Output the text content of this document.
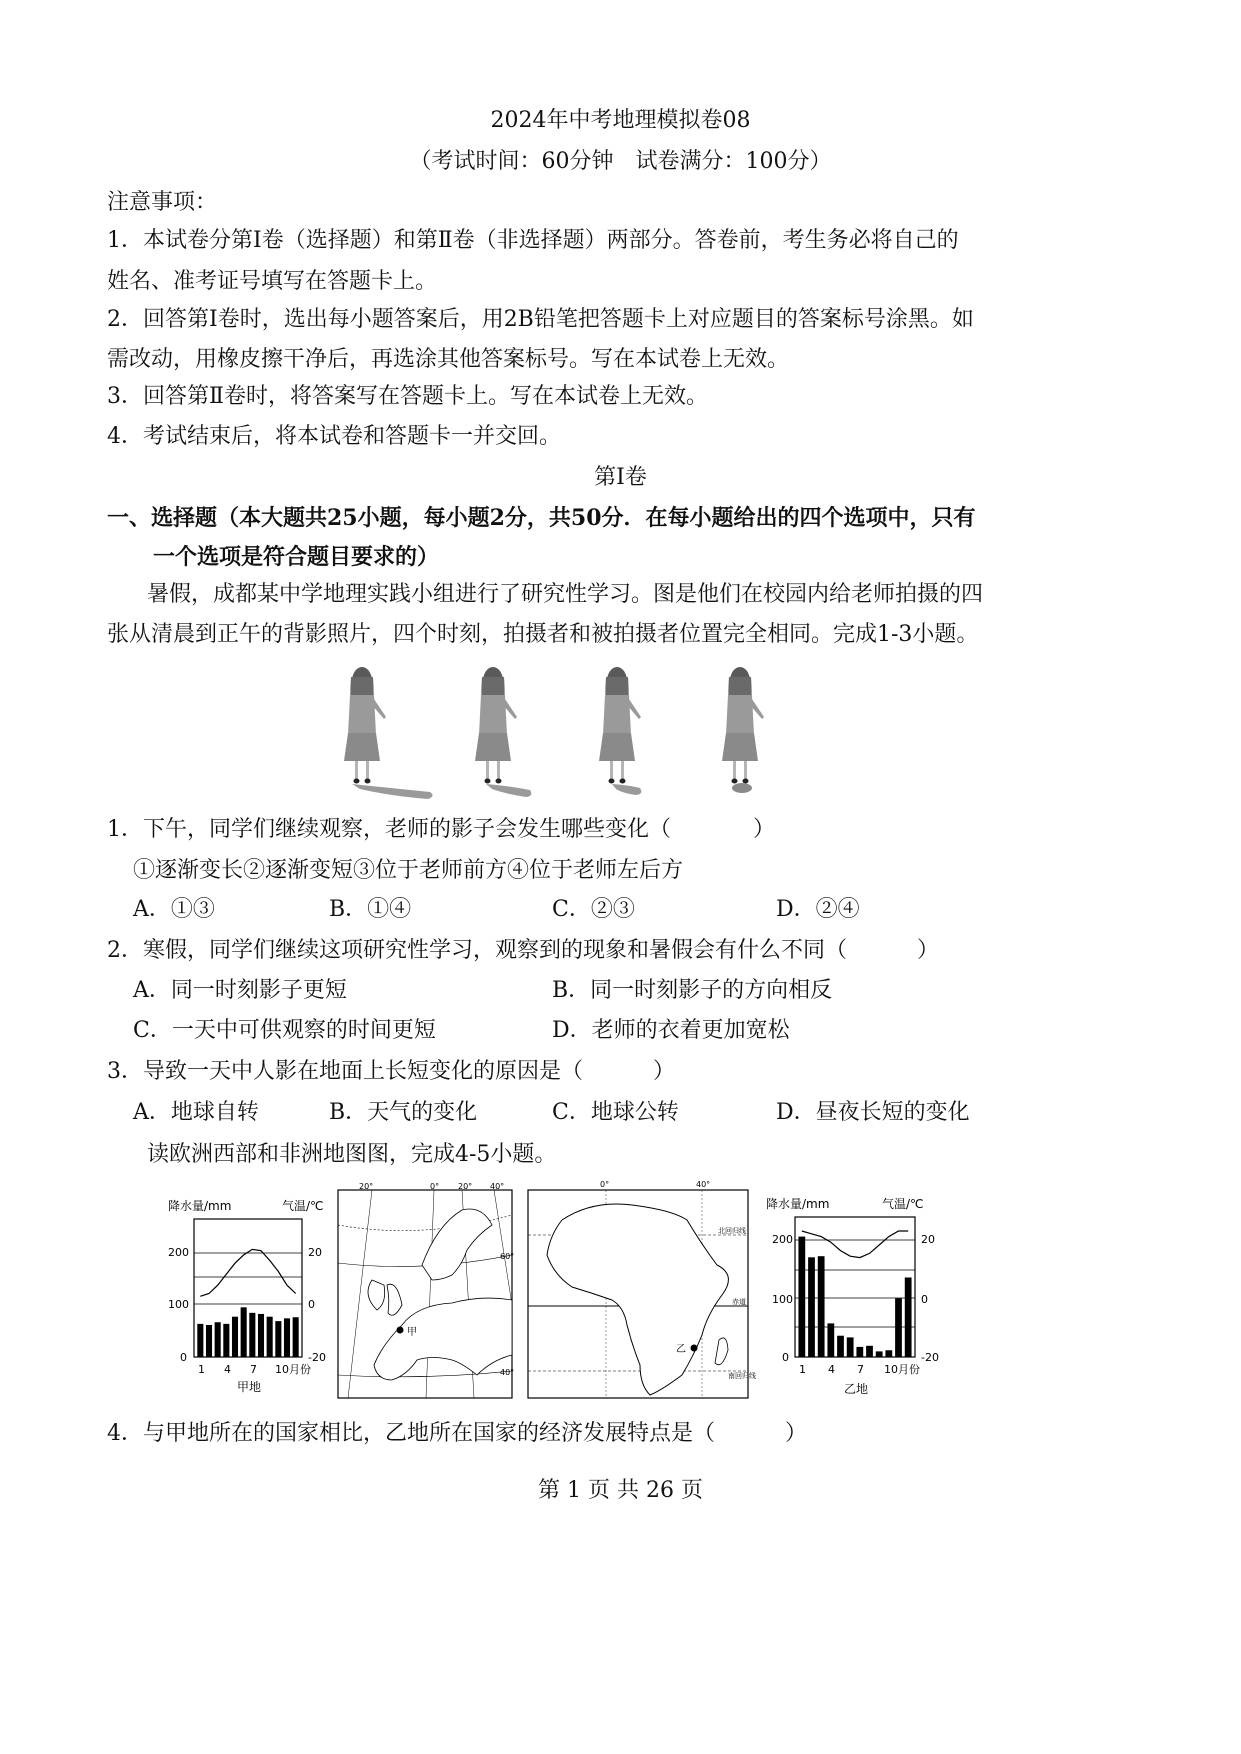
2024年中考地理模拟卷08
（考试时间：60分钟　试卷满分：100分）
注意事项：
1．本试卷分第Ⅰ卷（选择题）和第Ⅱ卷（非选择题）两部分。答卷前，考生务必将自己的
姓名、准考证号填写在答题卡上。
2．回答第Ⅰ卷时，选出每小题答案后，用2B铅笔把答题卡上对应题目的答案标号涂黑。如
需改动，用橡皮擦干净后，再选涂其他答案标号。写在本试卷上无效。
3．回答第Ⅱ卷时，将答案写在答题卡上。写在本试卷上无效。
4．考试结束后，将本试卷和答题卡一并交回。
第Ⅰ卷
一、选择题（本大题共25小题，每小题2分，共50分．在每小题给出的四个选项中，只有
一个选项是符合题目要求的）
暑假，成都某中学地理实践小组进行了研究性学习。图是他们在校园内给老师拍摄的四
张从清晨到正午的背影照片，四个时刻，拍摄者和被拍摄者位置完全相同。完成1-3小题。
1．下午，同学们继续观察，老师的影子会发生哪些变化（	）
①逐渐变长②逐渐变短③位于老师前方④位于老师左后方
A．①③	B．①④	C．②③	D．②④
2．寒假，同学们继续这项研究性学习，观察到的现象和暑假会有什么不同（	）
A．同一时刻影子更短	B．同一时刻影子的方向相反
C．一天中可供观察的时间更短	D．老师的衣着更加宽松
3．导致一天中人影在地面上长短变化的原因是（	）
A．地球自转	B．天气的变化	C．地球公转	D．昼夜长短的变化
读欧洲西部和非洲地图图，完成4-5小题。
降水量/mm	气温/℃
200
100
0
20
0
-20
1 4 7 10月份
甲地
20°	0° 20° 40°
60°
40°
甲
0°	40°
北回归线
赤道
南回归线
乙
降水量/mm	气温/℃
200
100
0
20
0
-20
1 4 7 10月份
乙地
4．与甲地所在的国家相比，乙地所在国家的经济发展特点是（	）
第 1 页 共 26 页
